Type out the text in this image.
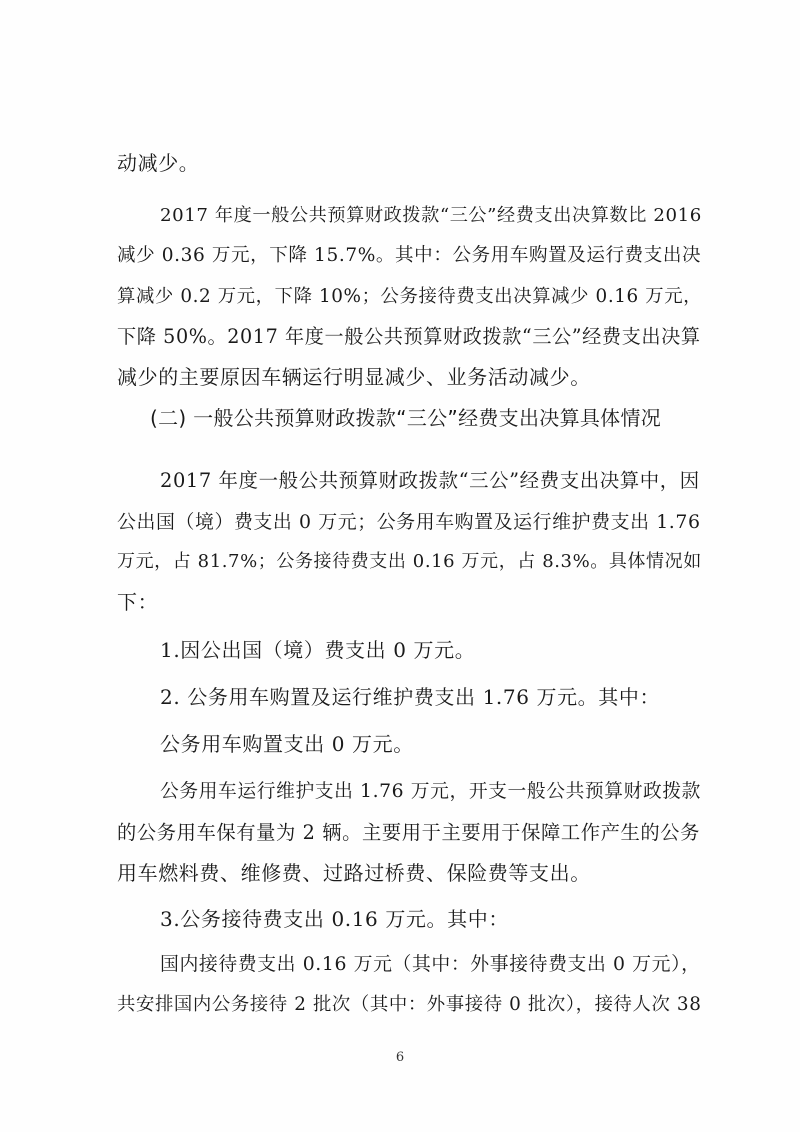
动减少。
2017 年度一般公共预算财政拨款“三公”经费支出决算数比 2016
减少 0.36 万元，下降 15.7%。其中：公务用车购置及运行费支出决
算减少 0.2 万元，下降 10%；公务接待费支出决算减少 0.16 万元，
下降 50%。2017 年度一般公共预算财政拨款“三公”经费支出决算
减少的主要原因车辆运行明显减少、业务活动减少。
(二) 一般公共预算财政拨款“三公”经费支出决算具体情况
2017 年度一般公共预算财政拨款“三公”经费支出决算中，因
公出国（境）费支出 0 万元；公务用车购置及运行维护费支出 1.76
万元，占 81.7%；公务接待费支出 0.16 万元，占 8.3%。具体情况如
下：
1.因公出国（境）费支出 0 万元。
2. 公务用车购置及运行维护费支出 1.76 万元。其中：
公务用车购置支出 0 万元。
公务用车运行维护支出 1.76 万元，开支一般公共预算财政拨款
的公务用车保有量为 2 辆。主要用于主要用于保障工作产生的公务
用车燃料费、维修费、过路过桥费、保险费等支出。
3.公务接待费支出 0.16 万元。其中：
国内接待费支出 0.16 万元（其中：外事接待费支出 0 万元），
共安排国内公务接待 2 批次（其中：外事接待 0 批次），接待人次 38
6
